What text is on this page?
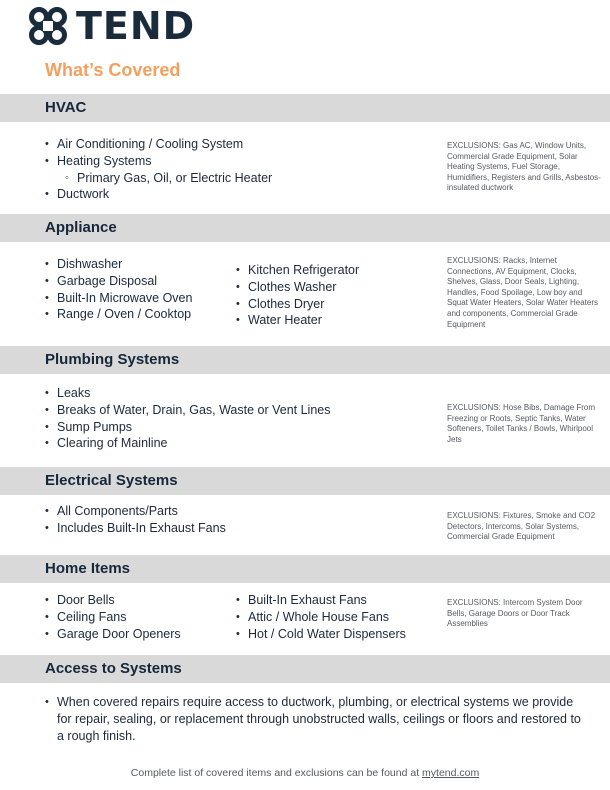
TEND
What’s Covered
HVAC
• Air Conditioning / Cooling System
• Heating Systems
◦ Primary Gas, Oil, or Electric Heater
• Ductwork
EXCLUSIONS: Gas AC, Window Units, Commercial Grade Equipment, Solar Heating Systems, Fuel Storage, Humidifiers, Registers and Grills, Asbestos-insulated ductwork
Appliance
• Dishwasher
• Garbage Disposal
• Built-In Microwave Oven
• Range / Oven / Cooktop
• Kitchen Refrigerator
• Clothes Washer
• Clothes Dryer
• Water Heater
EXCLUSIONS: Racks, Internet Connections, AV Equipment, Clocks, Shelves, Glass, Door Seals, Lighting, Handles, Food Spoilage, Low boy and Squat Water Heaters, Solar Water Heaters and components, Commercial Grade Equipment
Plumbing Systems
• Leaks
• Breaks of Water, Drain, Gas, Waste or Vent Lines
• Sump Pumps
• Clearing of Mainline
EXCLUSIONS: Hose Bibs, Damage From Freezing or Roots, Septic Tanks, Water Softeners, Toilet Tanks / Bowls, Whirlpool Jets
Electrical Systems
• All Components/Parts
• Includes Built-In Exhaust Fans
EXCLUSIONS: Fixtures, Smoke and CO2 Detectors, Intercoms, Solar Systems, Commercial Grade Equipment
Home Items
• Door Bells
• Ceiling Fans
• Garage Door Openers
• Built-In Exhaust Fans
• Attic / Whole House Fans
• Hot / Cold Water Dispensers
EXCLUSIONS: Intercom System Door Bells, Garage Doors or Door Track Assemblies
Access to Systems
• When covered repairs require access to ductwork, plumbing, or electrical systems we provide for repair, sealing, or replacement through unobstructed walls, ceilings or floors and restored to a rough finish.
Complete list of covered items and exclusions can be found at mytend.com
